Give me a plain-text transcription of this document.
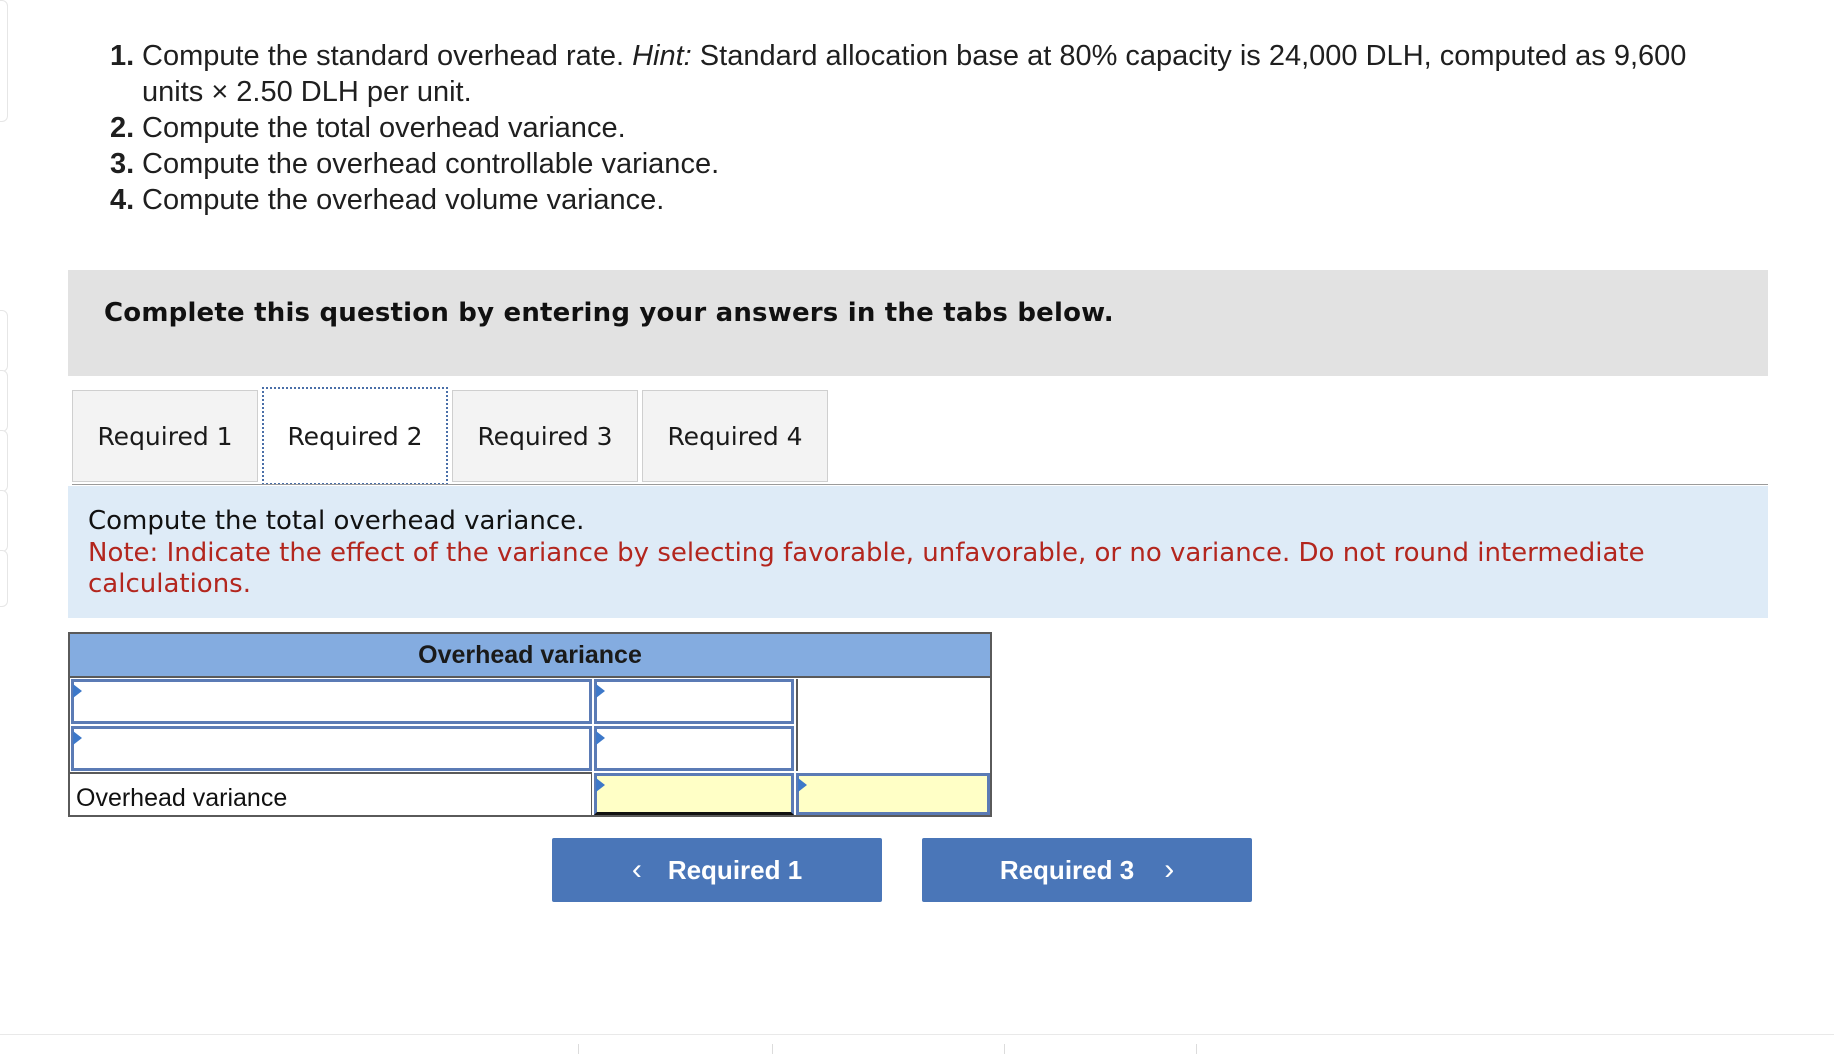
1. Compute the standard overhead rate. Hint: Standard allocation base at 80% capacity is 24,000 DLH, computed as 9,600
units × 2.50 DLH per unit.
2. Compute the total overhead variance.
3. Compute the overhead controllable variance.
4. Compute the overhead volume variance.
Complete this question by entering your answers in the tabs below.
Required 1	Required 2	Required 3	Required 4
Compute the total overhead variance.
Note: Indicate the effect of the variance by selecting favorable, unfavorable, or no variance. Do not round intermediate calculations.
Overhead variance
Overhead variance
‹ Required 1	Required 3 ›
